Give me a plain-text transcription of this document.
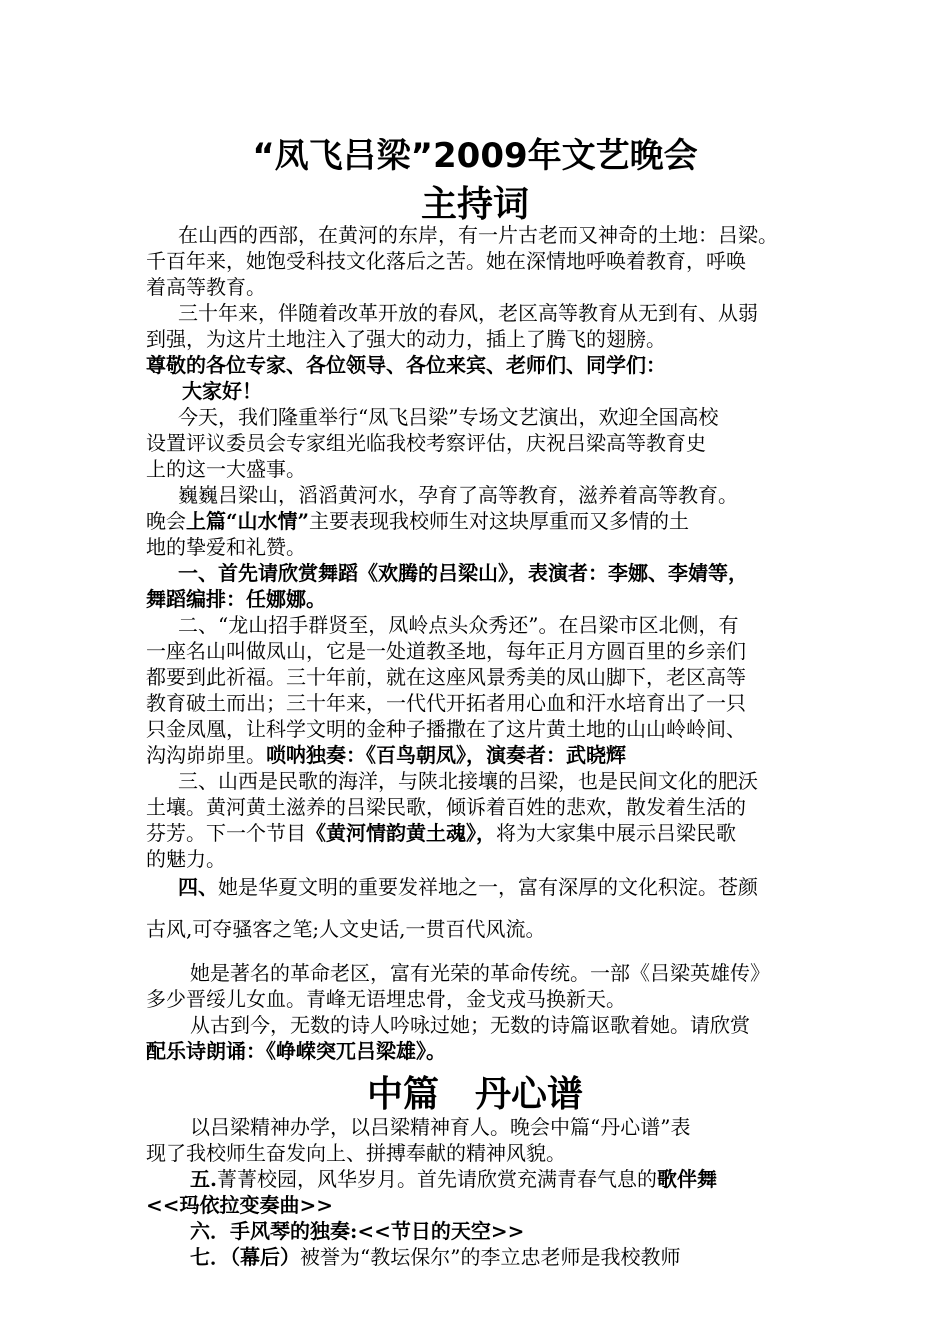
“凤飞吕梁”2009年文艺晚会
主持词
在山西的西部，在黄河的东岸，有一片古老而又神奇的土地：吕梁。
千百年来，她饱受科技文化落后之苦。她在深情地呼唤着教育，呼唤
着高等教育。
三十年来，伴随着改革开放的春风，老区高等教育从无到有、从弱
到强，为这片土地注入了强大的动力，插上了腾飞的翅膀。
尊敬的各位专家、各位领导、各位来宾、老师们、同学们：
大家好！
今天，我们隆重举行“凤飞吕梁”专场文艺演出，欢迎全国高校
设置评议委员会专家组光临我校考察评估，庆祝吕梁高等教育史
上的这一大盛事。
巍巍吕梁山，滔滔黄河水，孕育了高等教育，滋养着高等教育。
晚会上篇“山水情”主要表现我校师生对这块厚重而又多情的土
地的挚爱和礼赞。
一、首先请欣赏舞蹈《欢腾的吕梁山》，表演者：李娜、李婧等，
舞蹈编排：任娜娜。
二、“龙山招手群贤至，凤岭点头众秀还”。在吕梁市区北侧，有
一座名山叫做凤山，它是一处道教圣地，每年正月方圆百里的乡亲们
都要到此祈福。三十年前，就在这座风景秀美的凤山脚下，老区高等
教育破土而出；三十年来，一代代开拓者用心血和汗水培育出了一只
只金凤凰，让科学文明的金种子播撒在了这片黄土地的山山岭岭间、
沟沟峁峁里。唢呐独奏：《百鸟朝凤》，演奏者：武晓辉
三、山西是民歌的海洋，与陕北接壤的吕梁，也是民间文化的肥沃
土壤。黄河黄土滋养的吕梁民歌，倾诉着百姓的悲欢，散发着生活的
芬芳。下一个节目《黄河情韵黄土魂》，将为大家集中展示吕梁民歌
的魅力。
四、她是华夏文明的重要发祥地之一，富有深厚的文化积淀。苍颜
古风,可夺骚客之笔;人文史话,一贯百代风流。
她是著名的革命老区，富有光荣的革命传统。一部《吕梁英雄传》
多少晋绥儿女血。青峰无语埋忠骨，金戈戎马换新天。
从古到今，无数的诗人吟咏过她；无数的诗篇讴歌着她。请欣赏
配乐诗朗诵：《峥嵘突兀吕梁雄》。
中篇　丹心谱
以吕梁精神办学，以吕梁精神育人。晚会中篇“丹心谱”表
现了我校师生奋发向上、拼搏奉献的精神风貌。
五.菁菁校园，风华岁月。首先请欣赏充满青春气息的歌伴舞
<<玛依拉变奏曲>>
六．手风琴的独奏:<<节日的天空>>
七．（幕后）被誉为“教坛保尔”的李立忠老师是我校教师
